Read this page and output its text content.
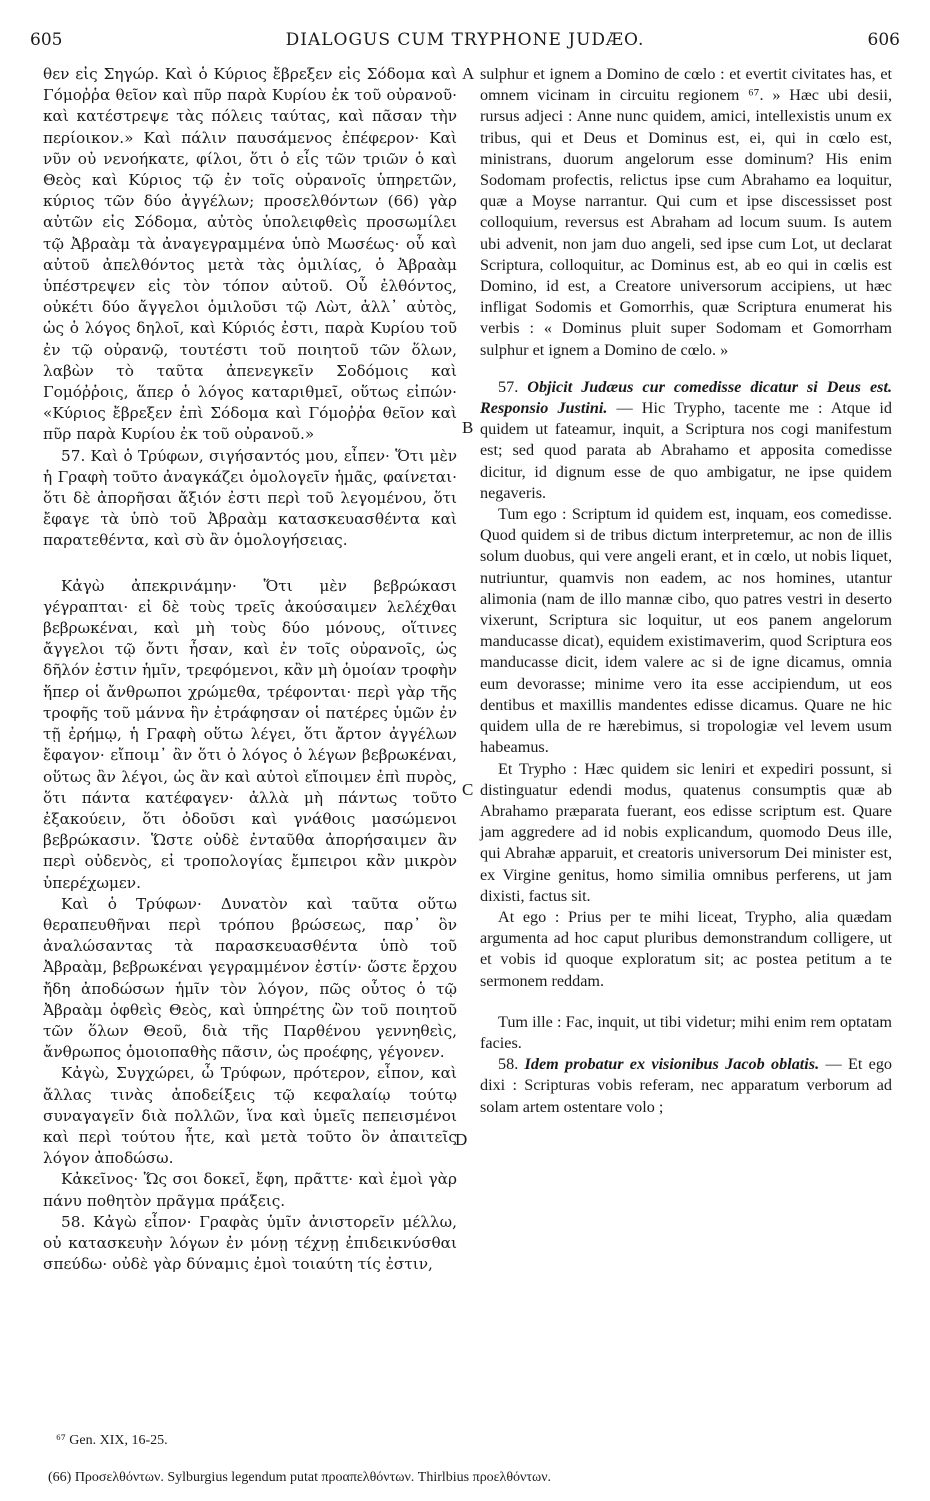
605	DIALOGUS CUM TRYPHONE JUDÆO.	606

θεν εἰς Σηγώρ. Καὶ ὁ Κύριος ἔβρεξεν εἰς Σόδομα καὶ Γόμοῤῥα θεῖον καὶ πῦρ παρὰ Κυρίου ἐκ τοῦ οὐρανοῦ· καὶ κατέστρεψε τὰς πόλεις ταύτας, καὶ πᾶσαν τὴν περίοικον.» Καὶ πάλιν παυσάμενος ἐπέφερον· Καὶ νῦν οὐ νενοήκατε, φίλοι, ὅτι ὁ εἷς τῶν τριῶν ὁ καὶ Θεὸς καὶ Κύριος τῷ ἐν τοῖς οὐρανοῖς ὑπηρετῶν, κύριος τῶν δύο ἀγγέλων; προσελθόντων (66) γὰρ αὐτῶν εἰς Σόδομα, αὐτὸς ὑπολειφθεὶς προσωμίλει τῷ Ἀβραὰμ τὰ ἀναγεγραμμένα ὑπὸ Μωσέως· οὗ καὶ αὐτοῦ ἀπελθόντος μετὰ τὰς ὁμιλίας, ὁ Ἀβραὰμ ὑπέστρεψεν εἰς τὸν τόπον αὐτοῦ. Οὗ ἐλθόντος, οὐκέτι δύο ἄγγελοι ὁμιλοῦσι τῷ Λὼτ, ἀλλ᾽ αὐτὸς, ὡς ὁ λόγος δηλοῖ, καὶ Κύριός ἐστι, παρὰ Κυρίου τοῦ ἐν τῷ οὐρανῷ, τουτέστι τοῦ ποιητοῦ τῶν ὅλων, λαβὼν τὸ ταῦτα ἀπενεγκεῖν Σοδόμοις καὶ Γομόῤῥοις, ἅπερ ὁ λόγος καταριθμεῖ, οὕτως εἰπών· «Κύριος ἔβρεξεν ἐπὶ Σόδομα καὶ Γόμοῤῥα θεῖον καὶ πῦρ παρὰ Κυρίου ἐκ τοῦ οὐρανοῦ.»

57. Καὶ ὁ Τρύφων, σιγήσαντός μου, εἶπεν· Ὅτι μὲν ἡ Γραφὴ τοῦτο ἀναγκάζει ὁμολογεῖν ἡμᾶς, φαίνεται· ὅτι δὲ ἀπορῆσαι ἄξιόν ἐστι περὶ τοῦ λεγομένου, ὅτι ἔφαγε τὰ ὑπὸ τοῦ Ἀβραὰμ κατασκευασθέντα καὶ παρατεθέντα, καὶ σὺ ἂν ὁμολογήσειας.

Κἀγὼ ἀπεκρινάμην· Ὅτι μὲν βεβρώκασι γέγραπται· εἰ δὲ τοὺς τρεῖς ἀκούσαιμεν λελέχθαι βεβρωκέναι, καὶ μὴ τοὺς δύο μόνους, οἵτινες ἄγγελοι τῷ ὄντι ἦσαν, καὶ ἐν τοῖς οὐρανοῖς, ὡς δῆλόν ἐστιν ἡμῖν, τρεφόμενοι, κἂν μὴ ὁμοίαν τροφὴν ἥπερ οἱ ἄνθρωποι χρώμεθα, τρέφονται· περὶ γὰρ τῆς τροφῆς τοῦ μάννα ἣν ἐτράφησαν οἱ πατέρες ὑμῶν ἐν τῇ ἐρήμῳ, ἡ Γραφὴ οὕτω λέγει, ὅτι ἄρτον ἀγγέλων ἔφαγον· εἴποιμ᾽ ἂν ὅτι ὁ λόγος ὁ λέγων βεβρωκέναι, οὕτως ἂν λέγοι, ὡς ἂν καὶ αὐτοὶ εἴποιμεν ἐπὶ πυρὸς, ὅτι πάντα κατέφαγεν· ἀλλὰ μὴ πάντως τοῦτο ἐξακούειν, ὅτι ὀδοῦσι καὶ γνάθοις μασώμενοι βεβρώκασιν. Ὥστε οὐδὲ ἐνταῦθα ἀπορήσαιμεν ἂν περὶ οὐδενὸς, εἰ τροπολογίας ἔμπειροι κἂν μικρὸν ὑπερέχωμεν.

Καὶ ὁ Τρύφων· Δυνατὸν καὶ ταῦτα οὕτω θεραπευθῆναι περὶ τρόπου βρώσεως, παρ᾽ ὃν ἀναλώσαντας τὰ παρασκευασθέντα ὑπὸ τοῦ Ἀβραὰμ, βεβρωκέναι γεγραμμένον ἐστίν· ὥστε ἔρχου ἤδη ἀποδώσων ἡμῖν τὸν λόγον, πῶς οὗτος ὁ τῷ Ἀβραὰμ ὀφθεὶς Θεὸς, καὶ ὑπηρέτης ὢν τοῦ ποιητοῦ τῶν ὅλων Θεοῦ, διὰ τῆς Παρθένου γεννηθεὶς, ἄνθρωπος ὁμοιοπαθὴς πᾶσιν, ὡς προέφης, γέγονεν.

Κἀγὼ, Συγχώρει, ὦ Τρύφων, πρότερον, εἶπον, καὶ ἄλλας τινὰς ἀποδείξεις τῷ κεφαλαίῳ τούτῳ συναγαγεῖν διὰ πολλῶν, ἵνα καὶ ὑμεῖς πεπεισμένοι καὶ περὶ τούτου ἦτε, καὶ μετὰ τοῦτο ὃν ἀπαιτεῖς λόγον ἀποδώσω.

Κἀκεῖνος· Ὥς σοι δοκεῖ, ἔφη, πρᾶττε· καὶ ἐμοὶ γὰρ πάνυ ποθητὸν πρᾶγμα πράξεις.

58. Κἀγὼ εἶπον· Γραφὰς ὑμῖν ἀνιστορεῖν μέλλω, οὐ κατασκευὴν λόγων ἐν μόνῃ τέχνῃ ἐπιδεικνύσθαι σπεύδω· οὐδὲ γὰρ δύναμις ἐμοὶ τοιαύτη τίς ἐστιν,

A
B
C
D

sulphur et ignem a Domino de cœlo : et evertit civitates has, et omnem vicinam in circuitu regionem ⁶⁷. » Hæc ubi desii, rursus adjeci : Anne nunc quidem, amici, intellexistis unum ex tribus, qui et Deus et Dominus est, ei, qui in cœlo est, ministrans, duorum angelorum esse dominum? His enim Sodomam profectis, relictus ipse cum Abrahamo ea loquitur, quæ a Moyse narrantur. Qui cum et ipse discessisset post colloquium, reversus est Abraham ad locum suum. Is autem ubi advenit, non jam duo angeli, sed ipse cum Lot, ut declarat Scriptura, colloquitur, ac Dominus est, ab eo qui in cœlis est Domino, id est, a Creatore universorum accipiens, ut hæc infligat Sodomis et Gomorrhis, quæ Scriptura enumerat his verbis : « Dominus pluit super Sodomam et Gomorrham sulphur et ignem a Domino de cœlo. »

57. Objicit Judæus cur comedisse dicatur si Deus est. Responsio Justini. — Hic Trypho, tacente me : Atque id quidem ut fateamur, inquit, a Scriptura nos cogi manifestum est; sed quod parata ab Abrahamo et apposita comedisse dicitur, id dignum esse de quo ambigatur, ne ipse quidem negaveris.

Tum ego : Scriptum id quidem est, inquam, eos comedisse. Quod quidem si de tribus dictum interpretemur, ac non de illis solum duobus, qui vere angeli erant, et in cœlo, ut nobis liquet, nutriuntur, quamvis non eadem, ac nos homines, utantur alimonia (nam de illo mannæ cibo, quo patres vestri in deserto vixerunt, Scriptura sic loquitur, ut eos panem angelorum manducasse dicat), equidem existimaverim, quod Scriptura eos manducasse dicit, idem valere ac si de igne dicamus, omnia eum devorasse; minime vero ita esse accipiendum, ut eos dentibus et maxillis mandentes edisse dicamus. Quare ne hic quidem ulla de re hærebimus, si tropologiæ vel levem usum habeamus.

Et Trypho : Hæc quidem sic leniri et expediri possunt, si distinguatur edendi modus, quatenus consumptis quæ ab Abrahamo præparata fuerant, eos edisse scriptum est. Quare jam aggredere ad id nobis explicandum, quomodo Deus ille, qui Abrahæ apparuit, et creatoris universorum Dei minister est, ex Virgine genitus, homo similia omnibus perferens, ut jam dixisti, factus sit.

At ego : Prius per te mihi liceat, Trypho, alia quædam argumenta ad hoc caput pluribus demonstrandum colligere, ut et vobis id quoque exploratum sit; ac postea petitum a te sermonem reddam.

Tum ille : Fac, inquit, ut tibi videtur; mihi enim rem optatam facies.

58. Idem probatur ex visionibus Jacob oblatis. — Et ego dixi : Scripturas vobis referam, nec apparatum verborum ad solam artem ostentare volo ;

⁶⁷ Gen. XIX, 16-25.
(66) Προσελθόντων. Sylburgius legendum putat προαπελθόντων. Thirlbius προελθόντων.
